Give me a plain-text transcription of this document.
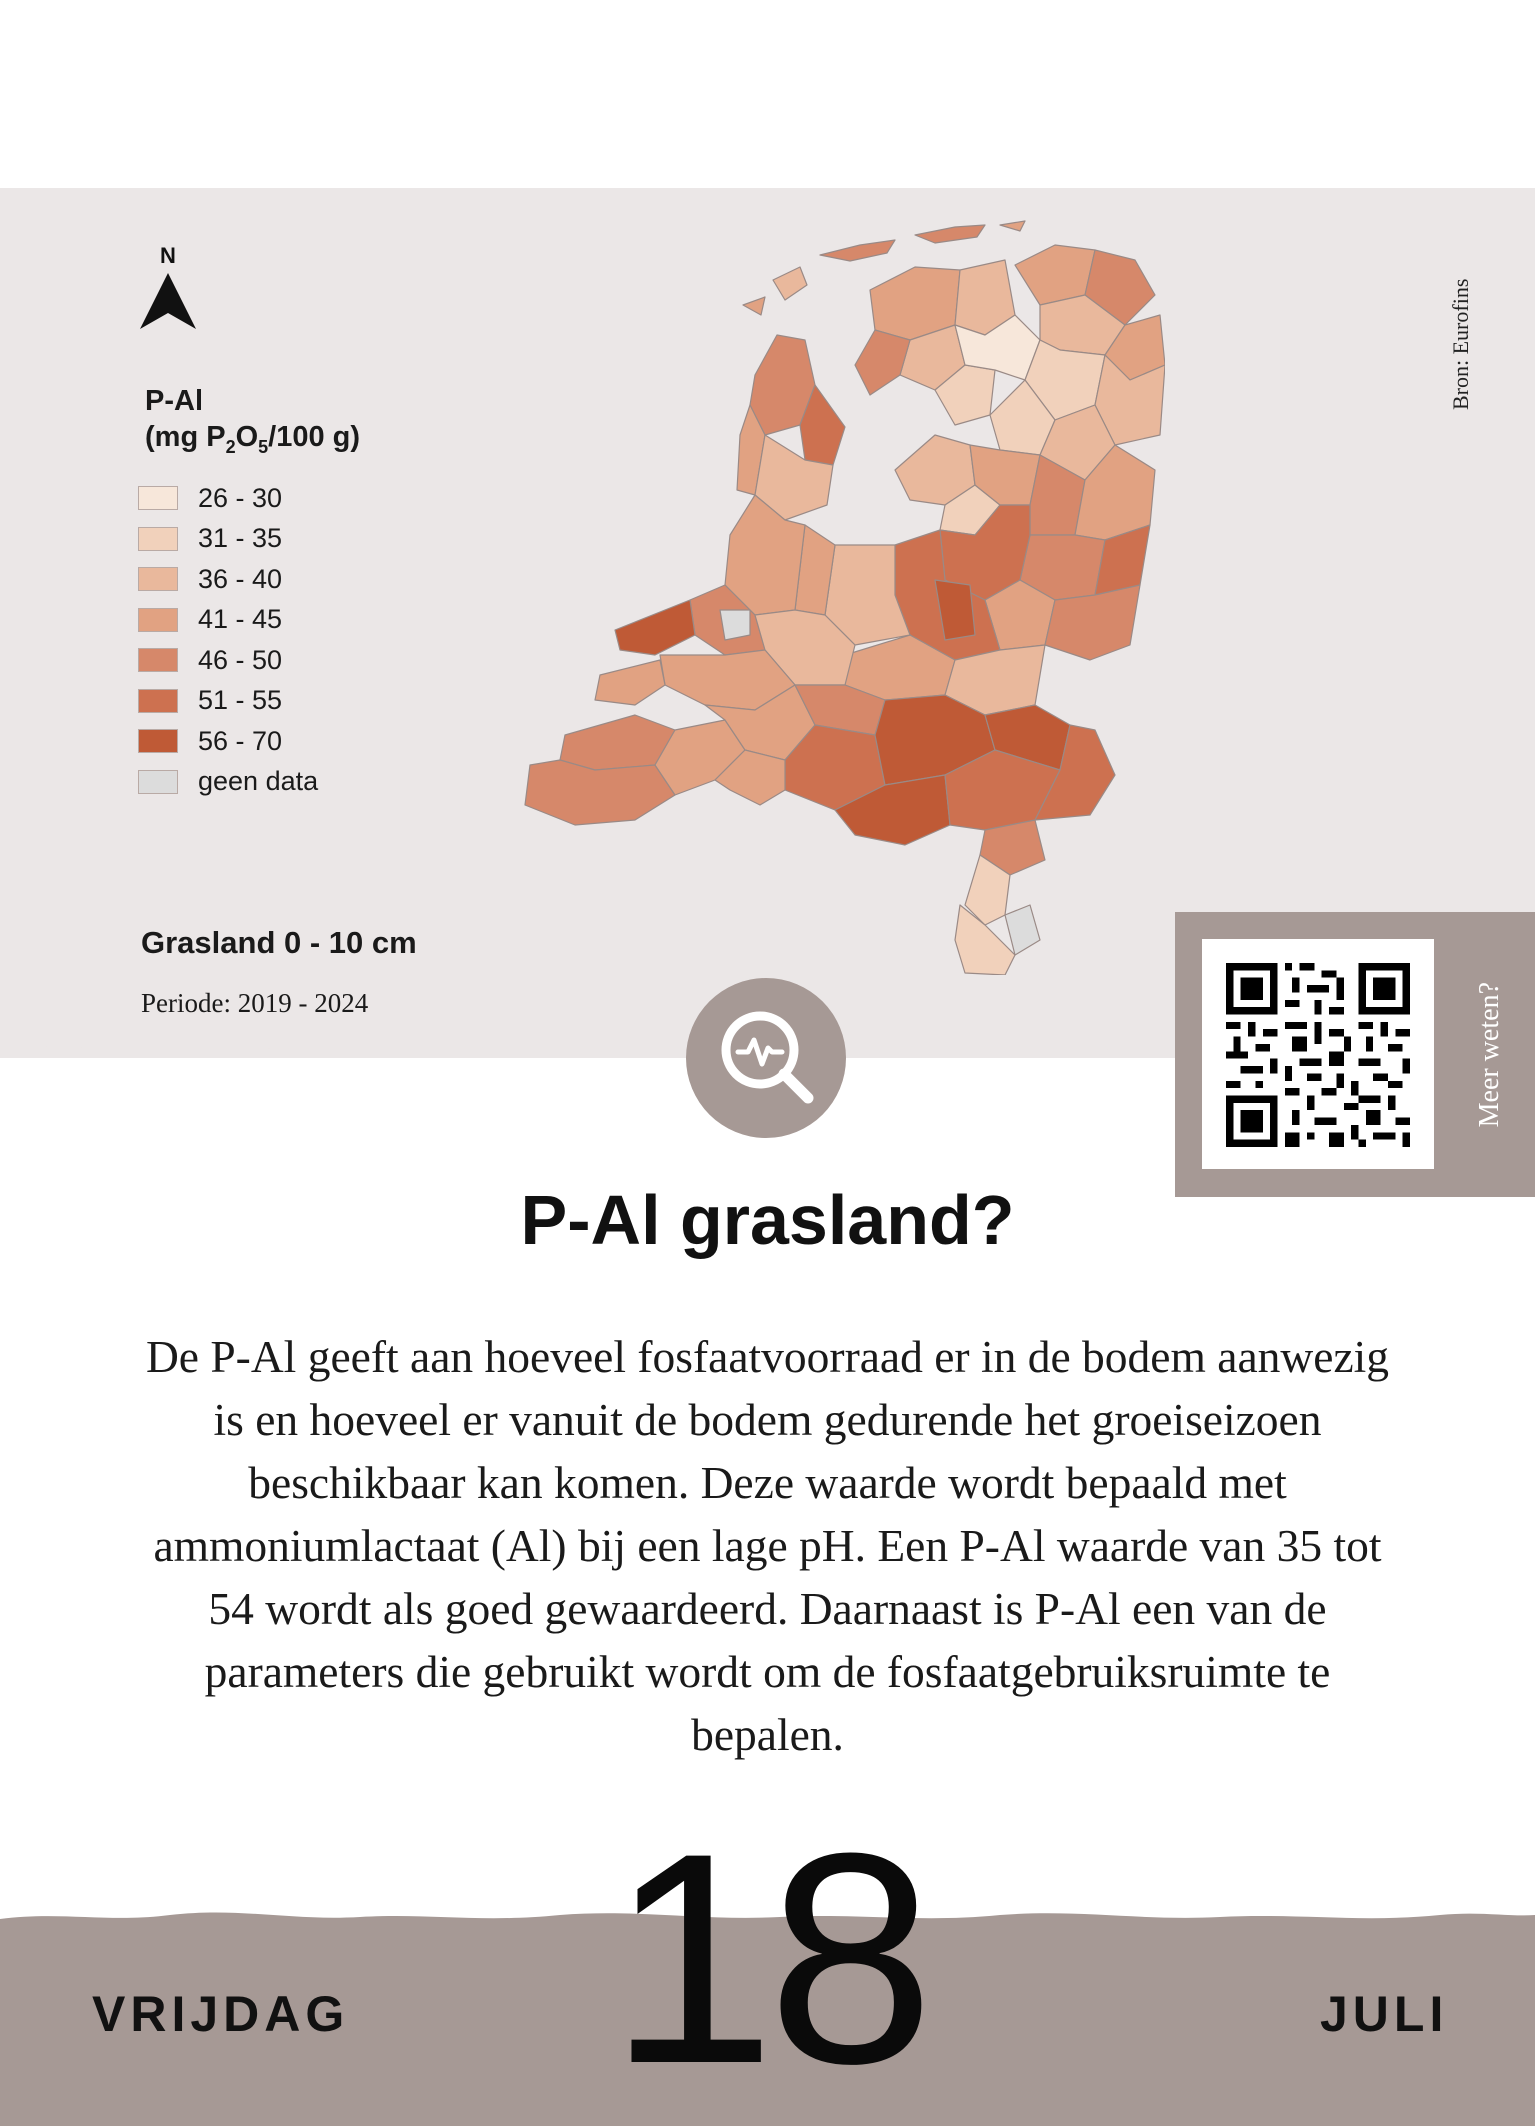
N
P-Al
(mg $P_2O_5/100$ g)
26 - 30
31 - 35
36 - 40
41 - 45
46 - 50
51 - 55
56 - 70
geen data
Bron: Eurofins
Grasland 0 - 10 cm
Periode: 2019 - 2024	Meer weten?
P-Al grasland?
De P-Al geeft aan hoeveel fosfaatvoorraad er in de bodem aanwezig is en hoeveel er vanuit de bodem gedurende het groeiseizoen beschikbaar kan komen. Deze waarde wordt bepaald met ammoniumlactaat (Al) bij een lage pH. Een P-Al waarde van 35 tot 54 wordt als goed gewaardeerd. Daarnaast is P-Al een van de parameters die gebruikt wordt om de fosfaatgebruiksruimte te bepalen.
18
VRIJDAG	JULI
